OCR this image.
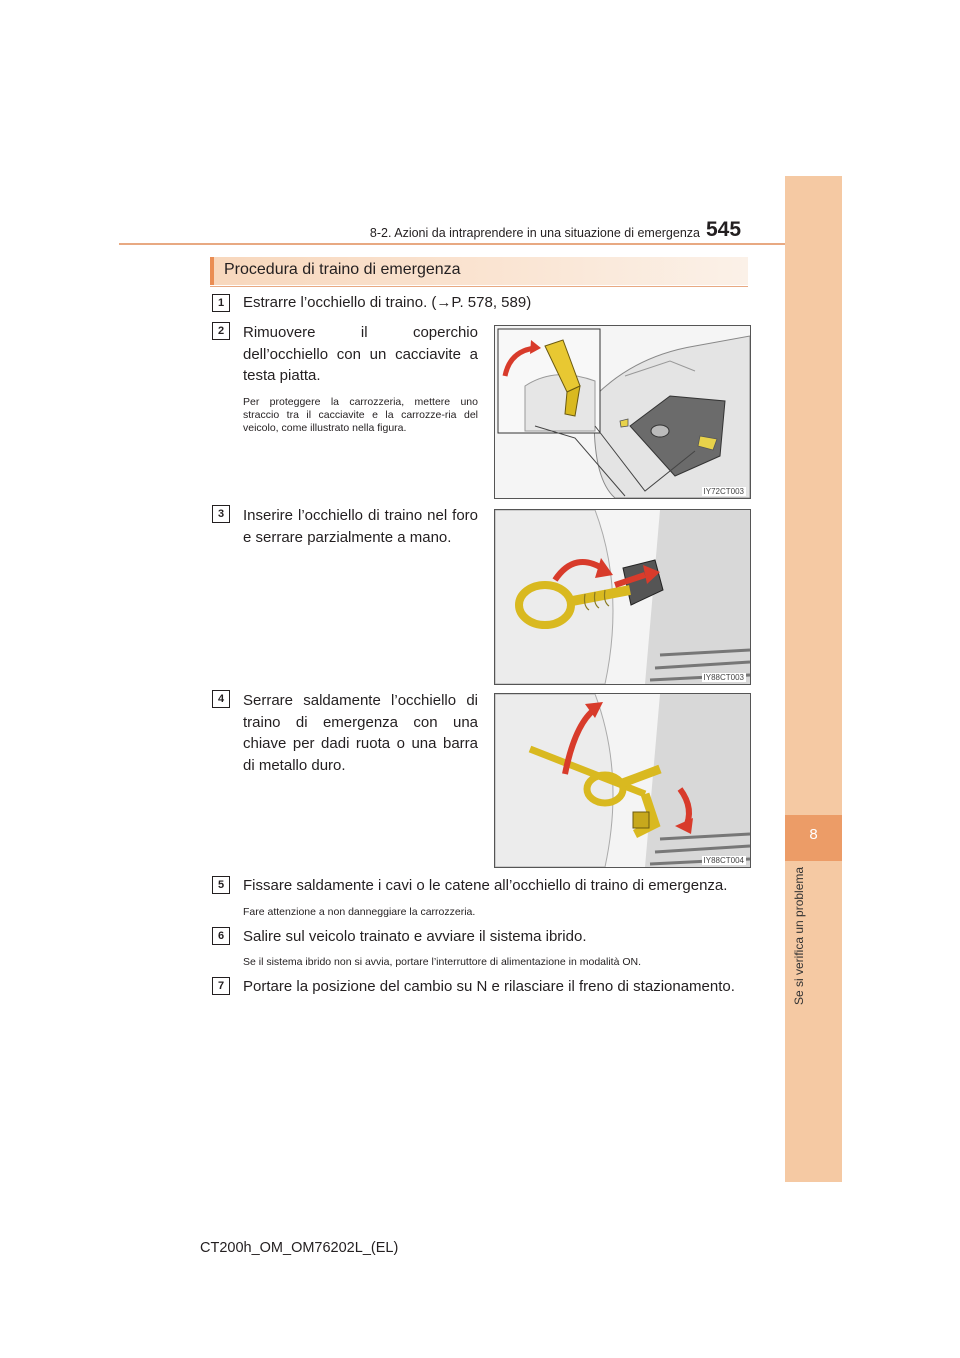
8
Se si verifica un problema
8-2. Azioni da intraprendere in una situazione di emergenza 545
Procedura di traino di emergenza
1	Estrarre l’occhiello di traino. (→P. 578, 589)
2	Rimuovere il coperchio dell’occhiello con un cacciavite a testa piatta.
Per proteggere la carrozzeria, mettere uno straccio tra il cacciavite e la carrozze-ria del veicolo, come illustrato nella figura.
IY72CT003
3	Inserire l’occhiello di traino nel foro e serrare parzialmente a mano.
IY88CT003
4	Serrare saldamente l’occhiello di traino di emergenza con una chiave per dadi ruota o una barra di metallo duro.
IY88CT004
5	Fissare saldamente i cavi o le catene all’occhiello di traino di emergenza.
Fare attenzione a non danneggiare la carrozzeria.
6	Salire sul veicolo trainato e avviare il sistema ibrido.
Se il sistema ibrido non si avvia, portare l’interruttore di alimentazione in modalità ON.
7	Portare la posizione del cambio su N e rilasciare il freno di stazionamento.
CT200h_OM_OM76202L_(EL)
